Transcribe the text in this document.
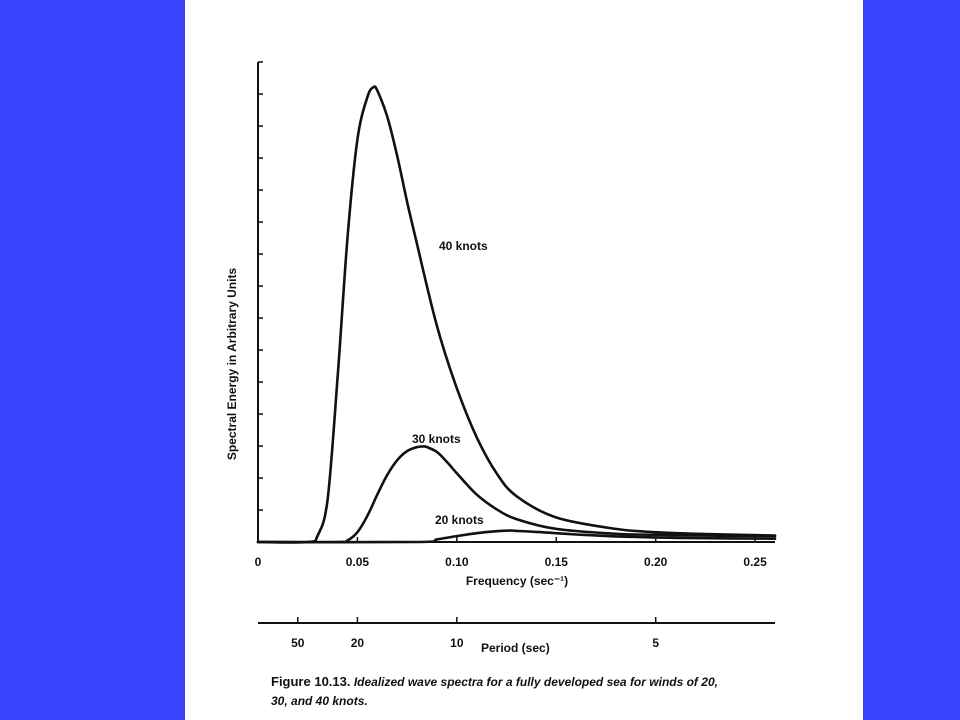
0	0.05	0.10	0.15	0.20	0.25
50	20	10	5
40 knots
30 knots
20 knots
Spectral Energy in Arbitrary Units
Frequency (sec⁻¹)
Period (sec)
Figure 10.13. Idealized wave spectra for a fully developed sea for winds of 20,
30, and 40 knots.
